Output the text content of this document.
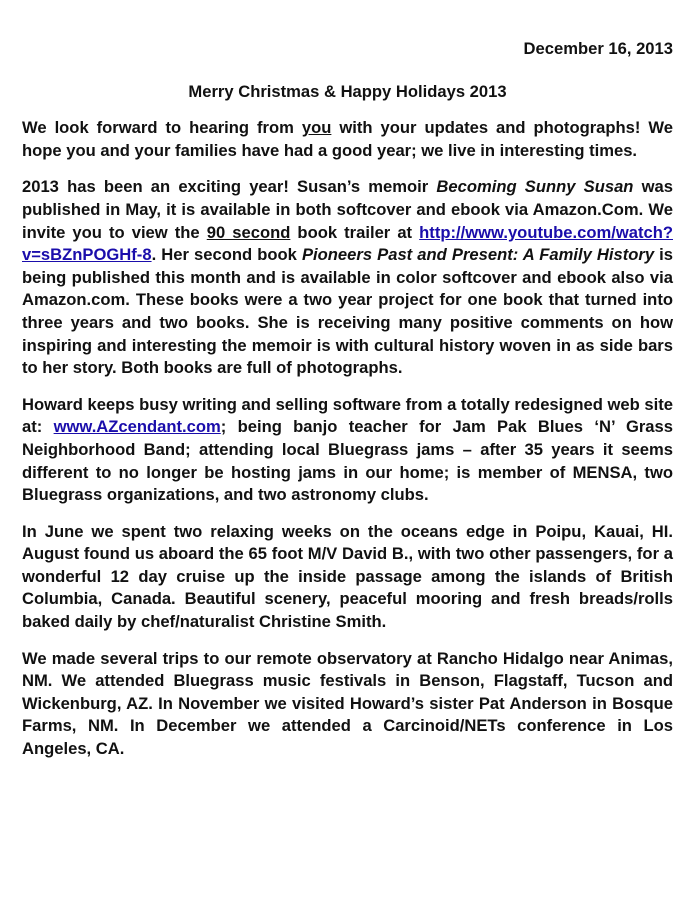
December 16, 2013
Merry Christmas & Happy Holidays 2013

We look forward to hearing from you with your updates and photographs! We hope you and your families have had a good year; we live in interesting times.

2013 has been an exciting year! Susan’s memoir Becoming Sunny Susan was published in May, it is available in both softcover and ebook via Amazon.Com. We invite you to view the 90 second book trailer at http://www.youtube.com/watch?v=sBZnPOGHf-8. Her second book Pioneers Past and Present: A Family History is being published this month and is available in color softcover and ebook also via Amazon.com. These books were a two year project for one book that turned into three years and two books. She is receiving many positive comments on how inspiring and interesting the memoir is with cultural history woven in as side bars to her story. Both books are full of photographs.

Howard keeps busy writing and selling software from a totally redesigned web site at: www.AZcendant.com; being banjo teacher for Jam Pak Blues ‘N’ Grass Neighborhood Band; attending local Bluegrass jams – after 35 years it seems different to no longer be hosting jams in our home; is member of MENSA, two Bluegrass organizations, and two astronomy clubs.

In June we spent two relaxing weeks on the oceans edge in Poipu, Kauai, HI. August found us aboard the 65 foot M/V David B., with two other passengers, for a wonderful 12 day cruise up the inside passage among the islands of British Columbia, Canada. Beautiful scenery, peaceful mooring and fresh breads/rolls baked daily by chef/naturalist Christine Smith.

We made several trips to our remote observatory at Rancho Hidalgo near Animas, NM. We attended Bluegrass music festivals in Benson, Flagstaff, Tucson and Wickenburg, AZ. In November we visited Howard’s sister Pat Anderson in Bosque Farms, NM. In December we attended a Carcinoid/NETs conference in Los Angeles, CA.
